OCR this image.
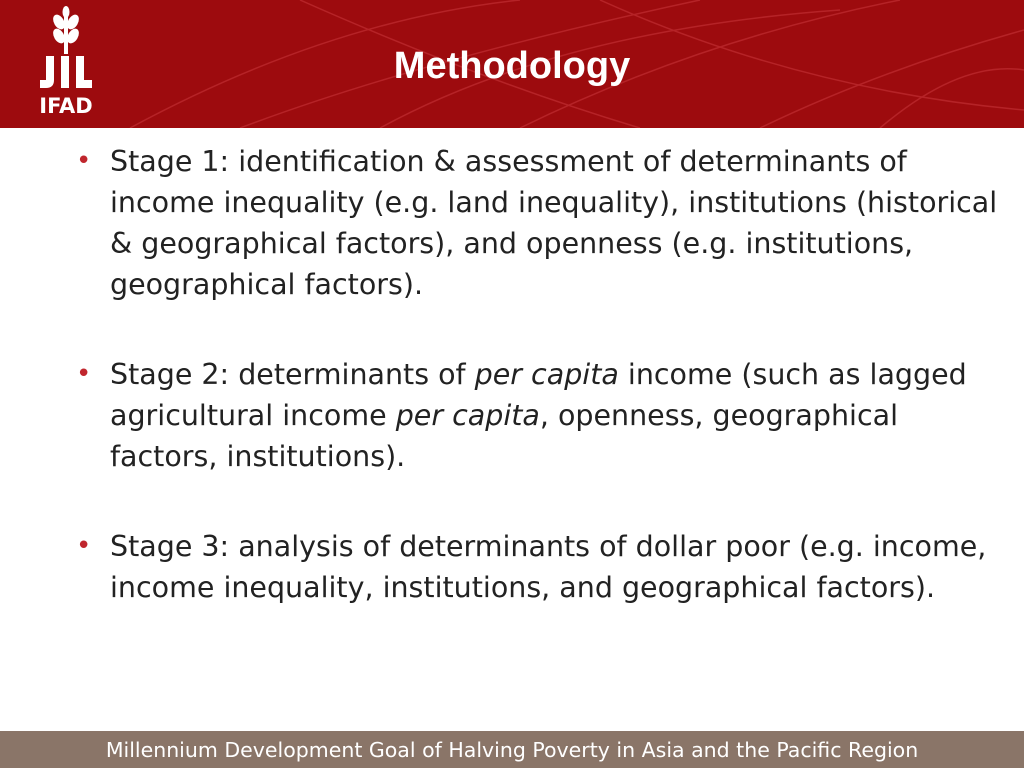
IFAD
Methodology
• Stage 1: identification & assessment of determinants of income inequality (e.g. land inequality), institutions (historical & geographical factors), and openness (e.g. institutions, geographical factors).
• Stage 2: determinants of per capita income (such as lagged agricultural income per capita, openness, geographical factors, institutions).
• Stage 3: analysis of determinants of dollar poor (e.g. income, income inequality, institutions, and geographical factors).
Millennium Development Goal of Halving Poverty in Asia and the Pacific Region
